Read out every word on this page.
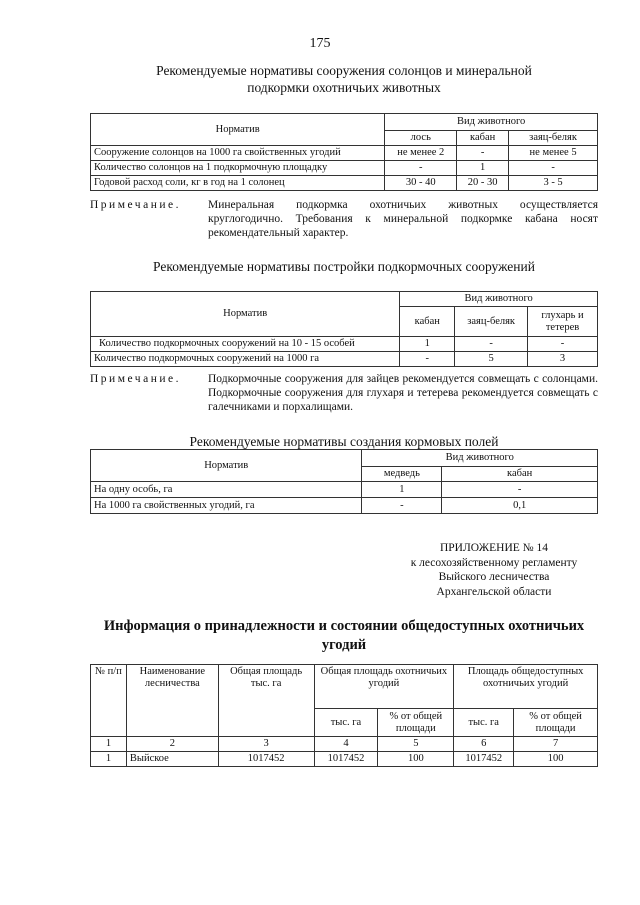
175
Рекомендуемые нормативы сооружения солонцов и минеральной
подкормки охотничьих животных
Норматив	Вид животного		
	лось	кабан	заяц-беляк
Сооружение солонцов на 1000 га свойственных угодий	не менее 2	-	не менее 5
Количество солонцов на 1 подкормочную площадку	-	1	-
Годовой расход соли, кг в год на 1 солонец	30 - 40	20 - 30	3 - 5
Примечание. Минеральная подкормка охотничьих животных осуществляется круглогодично. Требования к минеральной подкормке кабана носят рекомендательный характер.
Рекомендуемые нормативы постройки подкормочных сооружений
Норматив	Вид животного		
	кабан	заяц-беляк	глухарь и тетерев
Количество подкормочных сооружений на 10 - 15 особей	1	-	-
Количество подкормочных сооружений на 1000 га	-	5	3
Примечание. Подкормочные сооружения для зайцев рекомендуется совмещать с солонцами. Подкормочные сооружения для глухаря и тетерева рекомендуется совмещать с галечниками и порхалищами.
Рекомендуемые нормативы создания кормовых полей
Норматив	Вид животного	
	медведь	кабан
На одну особь, га	1	-
На 1000 га свойственных угодий, га	-	0,1
ПРИЛОЖЕНИЕ № 14
к лесохозяйственному регламенту
Выйского лесничества
Архангельской области
Информация о принадлежности и состоянии общедоступных охотничьих
угодий
№ п/п	Наименование лесничества	Общая площадь тыс. га	Общая площадь охотничьих угодий		Площадь общедоступных охотничьих угодий	
			тыс. га	% от общей площади	тыс. га	% от общей площади
1	2	3	4	5	6	7
1	Выйское	1017452	1017452	100	1017452	100
